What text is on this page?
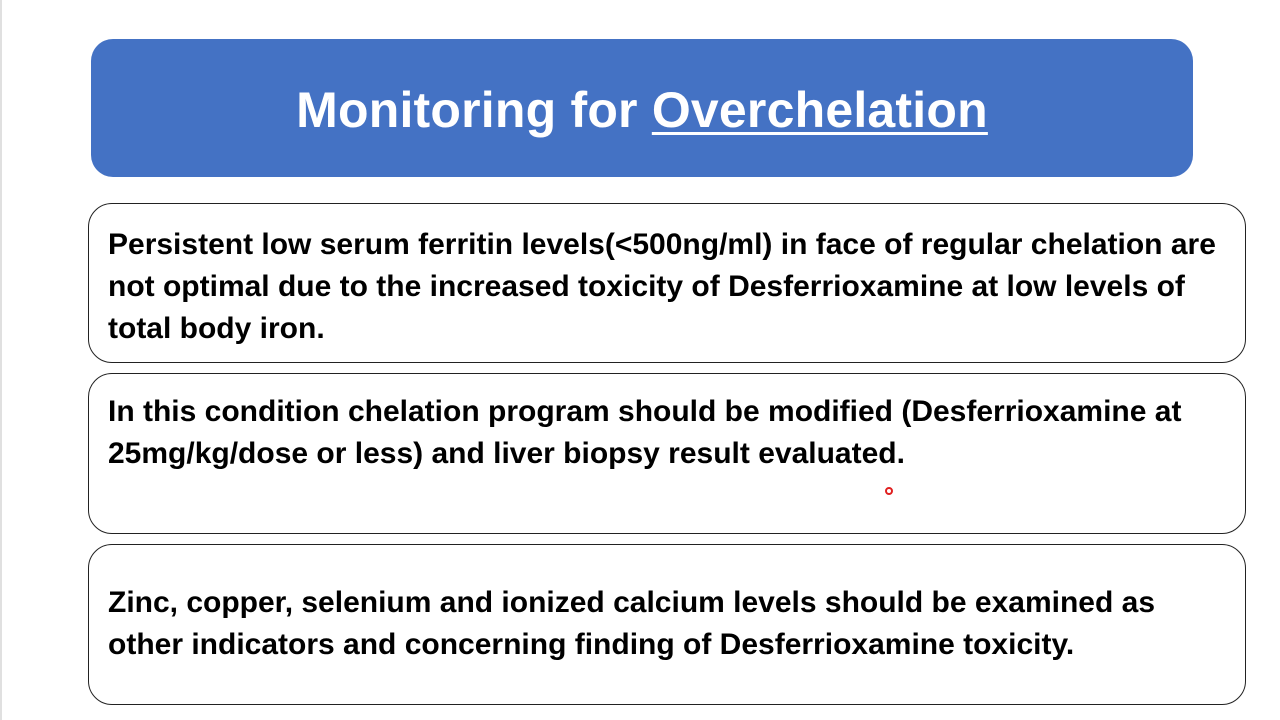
Monitoring for Overchelation

Persistent low serum ferritin levels(<500ng/ml) in face of regular chelation are not optimal due to the increased toxicity of Desferrioxamine at low levels of total body iron.

In this condition chelation program should be modified (Desferrioxamine at 25mg/kg/dose or less) and liver biopsy result evaluated.

Zinc, copper, selenium and ionized calcium levels should be examined as other indicators and concerning finding of Desferrioxamine toxicity.
